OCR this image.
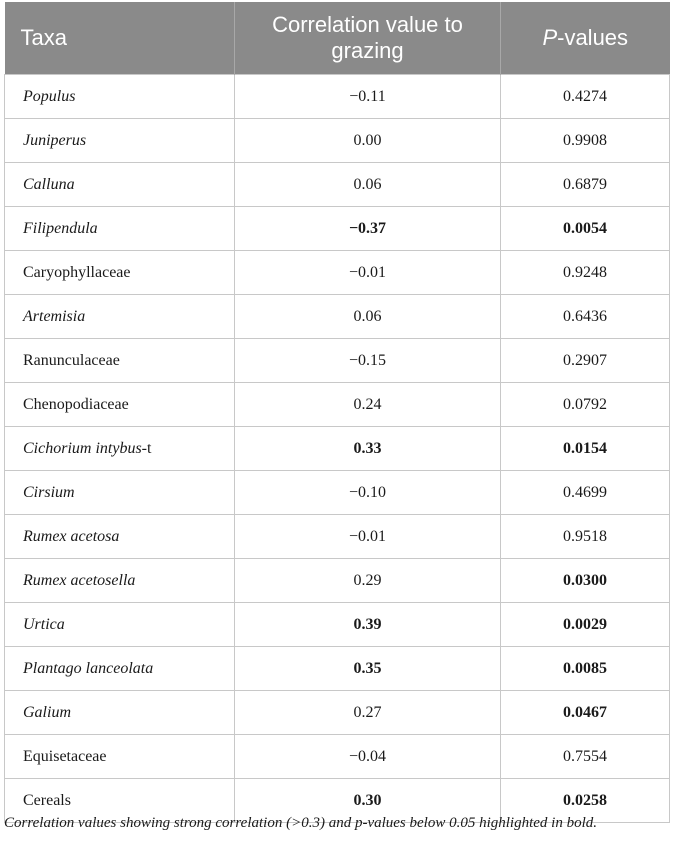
Taxa	Correlation value to grazing	P-values
Populus	−0.11	0.4274
Juniperus	0.00	0.9908
Calluna	0.06	0.6879
Filipendula	−0.37	0.0054
Caryophyllaceae	−0.01	0.9248
Artemisia	0.06	0.6436
Ranunculaceae	−0.15	0.2907
Chenopodiaceae	0.24	0.0792
Cichorium intybus-t	0.33	0.0154
Cirsium	−0.10	0.4699
Rumex acetosa	−0.01	0.9518
Rumex acetosella	0.29	0.0300
Urtica	0.39	0.0029
Plantago lanceolata	0.35	0.0085
Galium	0.27	0.0467
Equisetaceae	−0.04	0.7554
Cereals	0.30	0.0258
Correlation values showing strong correlation (>0.3) and p-values below 0.05 highlighted in bold.
